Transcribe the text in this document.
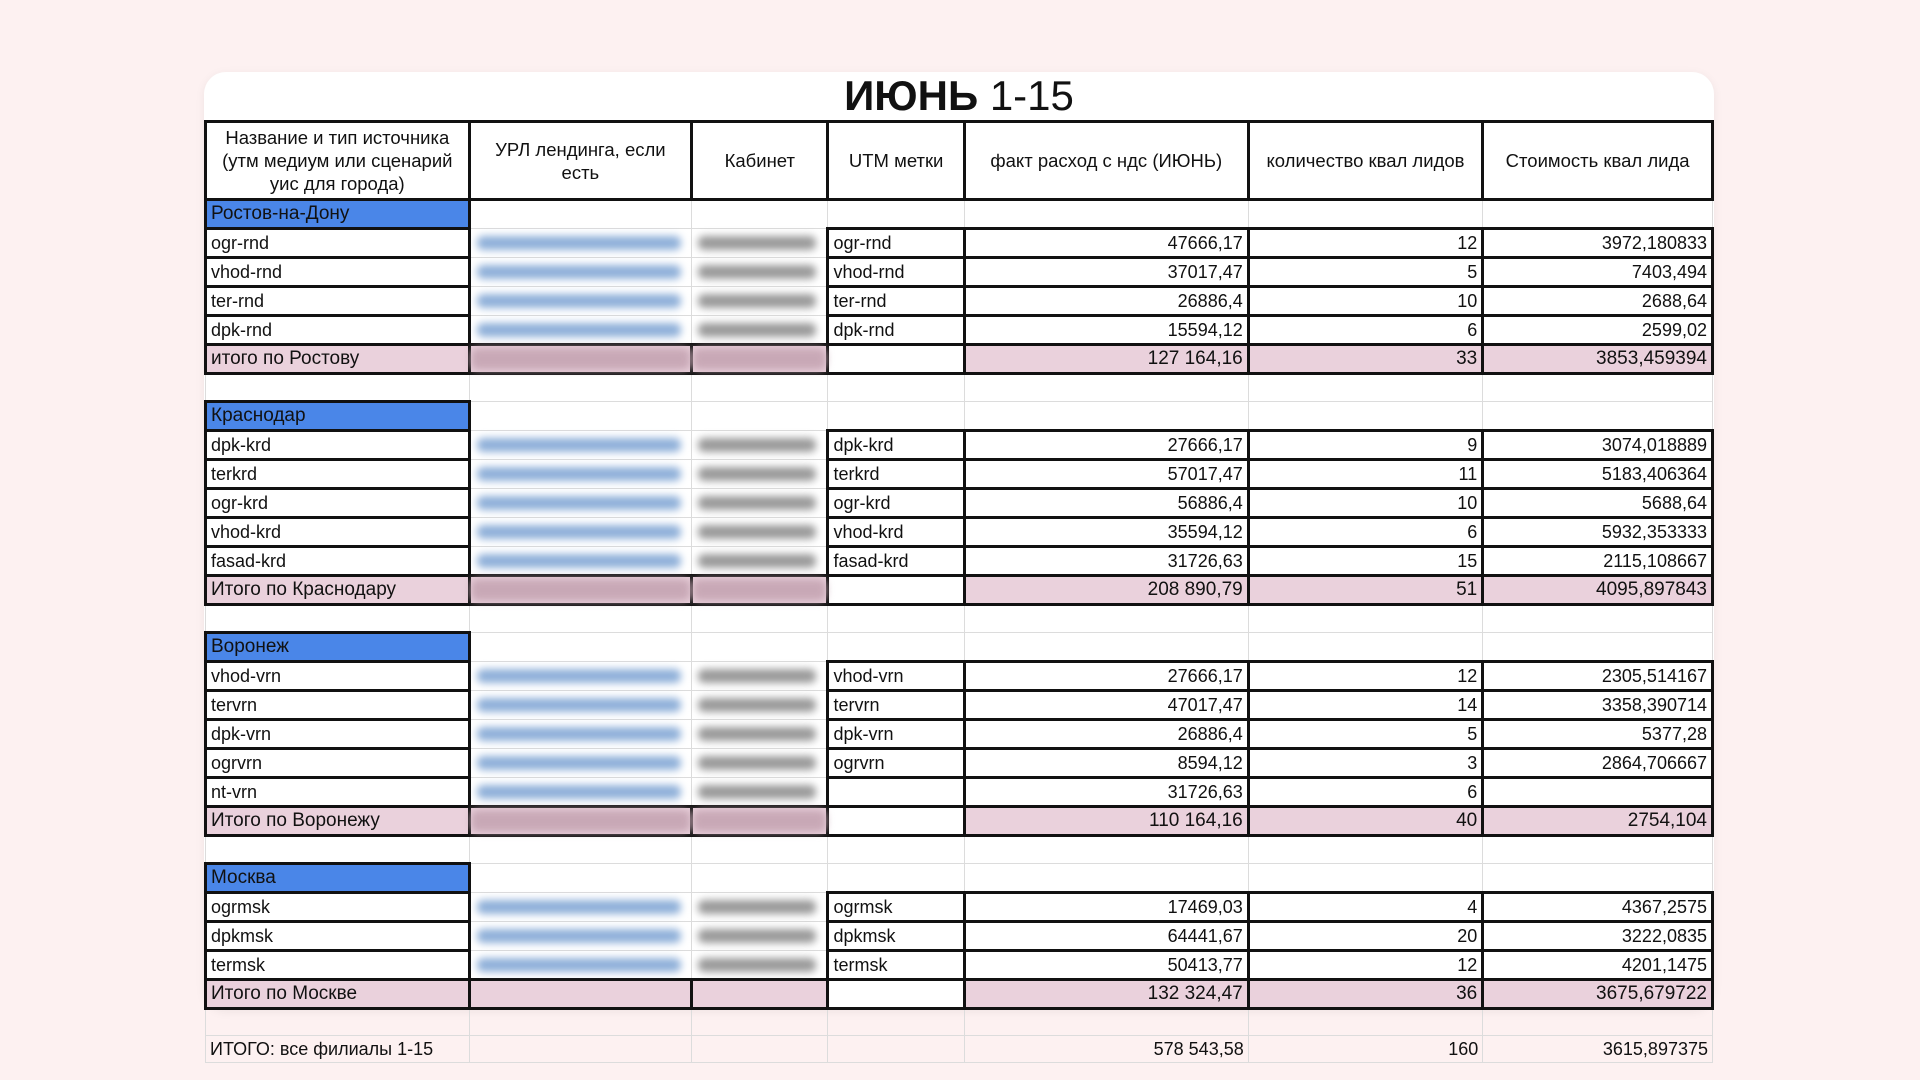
ИЮНЬ 1-15
Название и тип источника (утм медиум или сценарий уис для города)	УРЛ лендинга, если есть	Кабинет	UTM метки	факт расход с ндс (ИЮНЬ)	количество квал лидов	Стоимость квал лида
Ростов-на-Дону						
ogr-rnd			ogr-rnd	47666,17	12	3972,180833
vhod-rnd			vhod-rnd	37017,47	5	7403,494
ter-rnd			ter-rnd	26886,4	10	2688,64
dpk-rnd			dpk-rnd	15594,12	6	2599,02
итого по Ростову				127 164,16	33	3853,459394

Краснодар						
dpk-krd			dpk-krd	27666,17	9	3074,018889
terkrd			terkrd	57017,47	11	5183,406364
ogr-krd			ogr-krd	56886,4	10	5688,64
vhod-krd			vhod-krd	35594,12	6	5932,353333
fasad-krd			fasad-krd	31726,63	15	2115,108667
Итого по Краснодару				208 890,79	51	4095,897843

Воронеж						
vhod-vrn			vhod-vrn	27666,17	12	2305,514167
tervrn			tervrn	47017,47	14	3358,390714
dpk-vrn			dpk-vrn	26886,4	5	5377,28
ogrvrn			ogrvrn	8594,12	3	2864,706667
nt-vrn				31726,63	6	
Итого по Воронежу				110 164,16	40	2754,104

Москва						
ogrmsk			ogrmsk	17469,03	4	4367,2575
dpkmsk			dpkmsk	64441,67	20	3222,0835
termsk			termsk	50413,77	12	4201,1475
Итого по Москве				132 324,47	36	3675,679722

ИТОГО: все филиалы 1-15				578 543,58	160	3615,897375
